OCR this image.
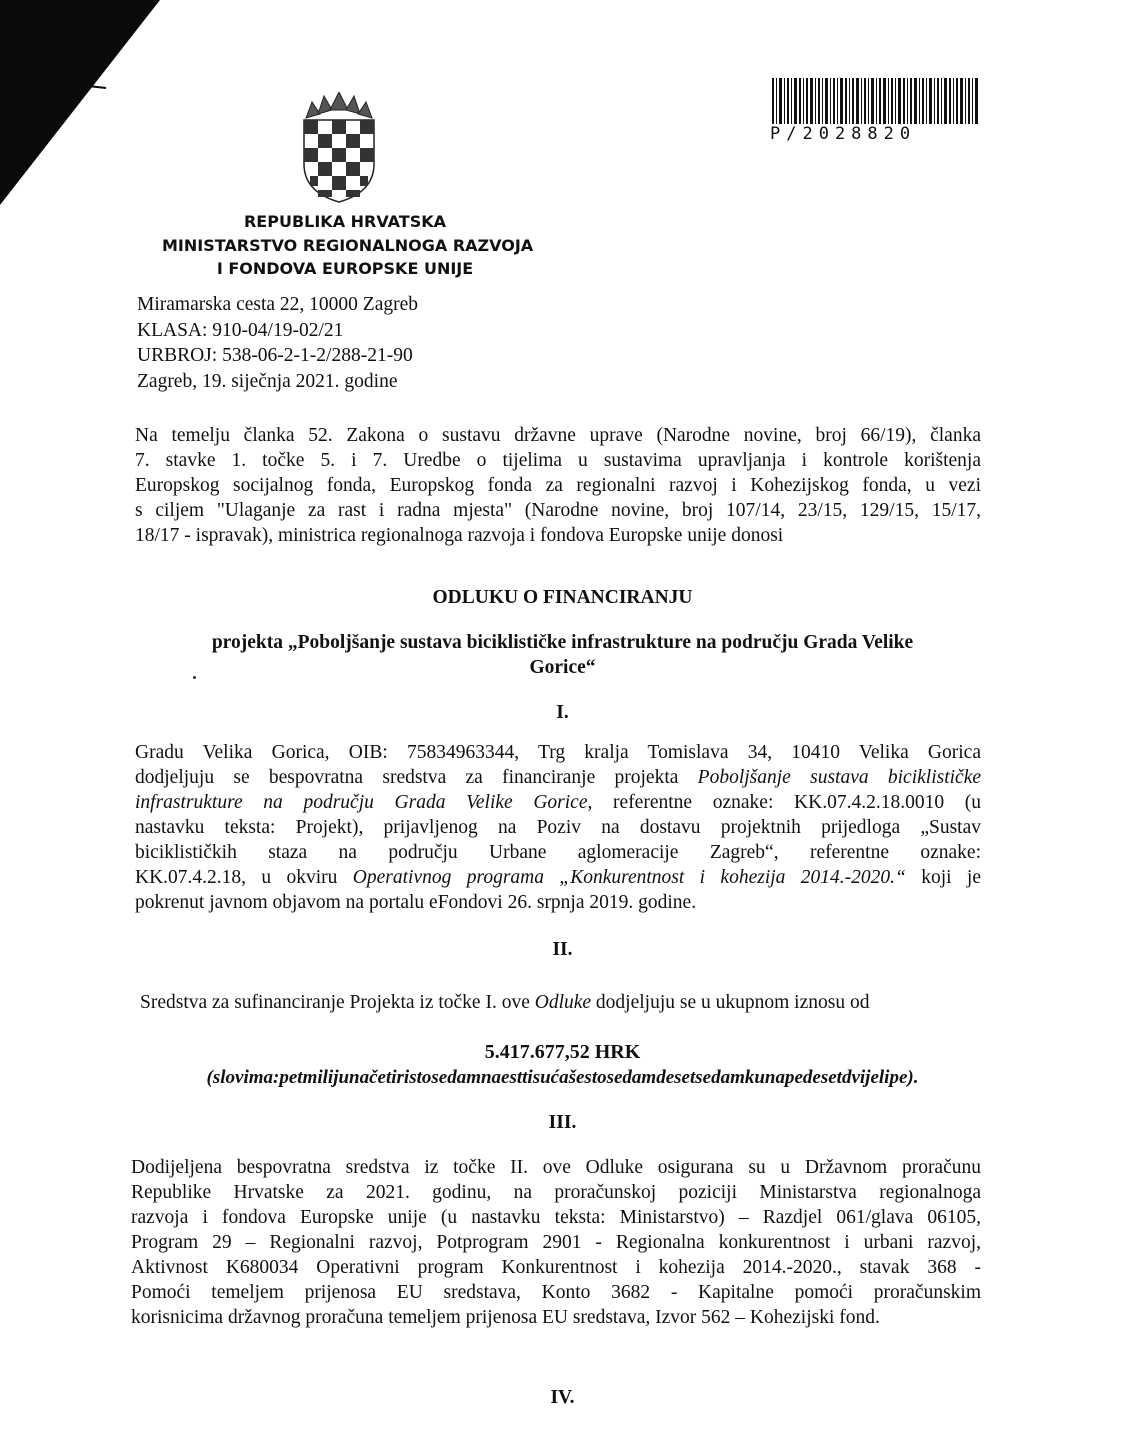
P/2028820
REPUBLIKA HRVATSKA
MINISTARSTVO REGIONALNOGA RAZVOJA
I FONDOVA EUROPSKE UNIJE
Miramarska cesta 22, 10000 Zagreb
KLASA: 910-04/19-02/21
URBROJ: 538-06-2-1-2/288-21-90
Zagreb, 19. siječnja 2021. godine
Na temelju članka 52. Zakona o sustavu državne uprave (Narodne novine, broj 66/19), članka
7. stavke 1. točke 5. i 7. Uredbe o tijelima u sustavima upravljanja i kontrole korištenja
Europskog socijalnog fonda, Europskog fonda za regionalni razvoj i Kohezijskog fonda, u vezi
s ciljem "Ulaganje za rast i radna mjesta" (Narodne novine, broj 107/14, 23/15, 129/15, 15/17,
18/17 - ispravak), ministrica regionalnoga razvoja i fondova Europske unije donosi
ODLUKU O FINANCIRANJU
projekta „Poboljšanje sustava biciklističke infrastrukture na području Grada Velike
Gorice“
I.
Gradu Velika Gorica, OIB: 75834963344, Trg kralja Tomislava 34, 10410 Velika Gorica
dodjeljuju se bespovratna sredstva za financiranje projekta Poboljšanje sustava biciklističke
infrastrukture na području Grada Velike Gorice, referentne oznake: KK.07.4.2.18.0010 (u
nastavku teksta: Projekt), prijavljenog na Poziv na dostavu projektnih prijedloga „Sustav
biciklističkih staza na području Urbane aglomeracije Zagreb“, referentne oznake:
KK.07.4.2.18, u okviru Operativnog programa „Konkurentnost i kohezija 2014.-2020.“ koji je
pokrenut javnom objavom na portalu eFondovi 26. srpnja 2019. godine.
II.
Sredstva za sufinanciranje Projekta iz točke I. ove Odluke dodjeljuju se u ukupnom iznosu od
5.417.677,52 HRK
(slovima:petmilijunačetiristosedamnaesttisućašestosedamdesetsedamkunapedesetdvijelipe).
III.
Dodijeljena bespovratna sredstva iz točke II. ove Odluke osigurana su u Državnom proračunu
Republike Hrvatske za 2021. godinu, na proračunskoj poziciji Ministarstva regionalnoga
razvoja i fondova Europske unije (u nastavku teksta: Ministarstvo) – Razdjel 061/glava 06105,
Program 29 – Regionalni razvoj, Potprogram 2901 - Regionalna konkurentnost i urbani razvoj,
Aktivnost K680034 Operativni program Konkurentnost i kohezija 2014.-2020., stavak 368 -
Pomoći temeljem prijenosa EU sredstava, Konto 3682 - Kapitalne pomoći proračunskim
korisnicima državnog proračuna temeljem prijenosa EU sredstava, Izvor 562 – Kohezijski fond.
IV.
